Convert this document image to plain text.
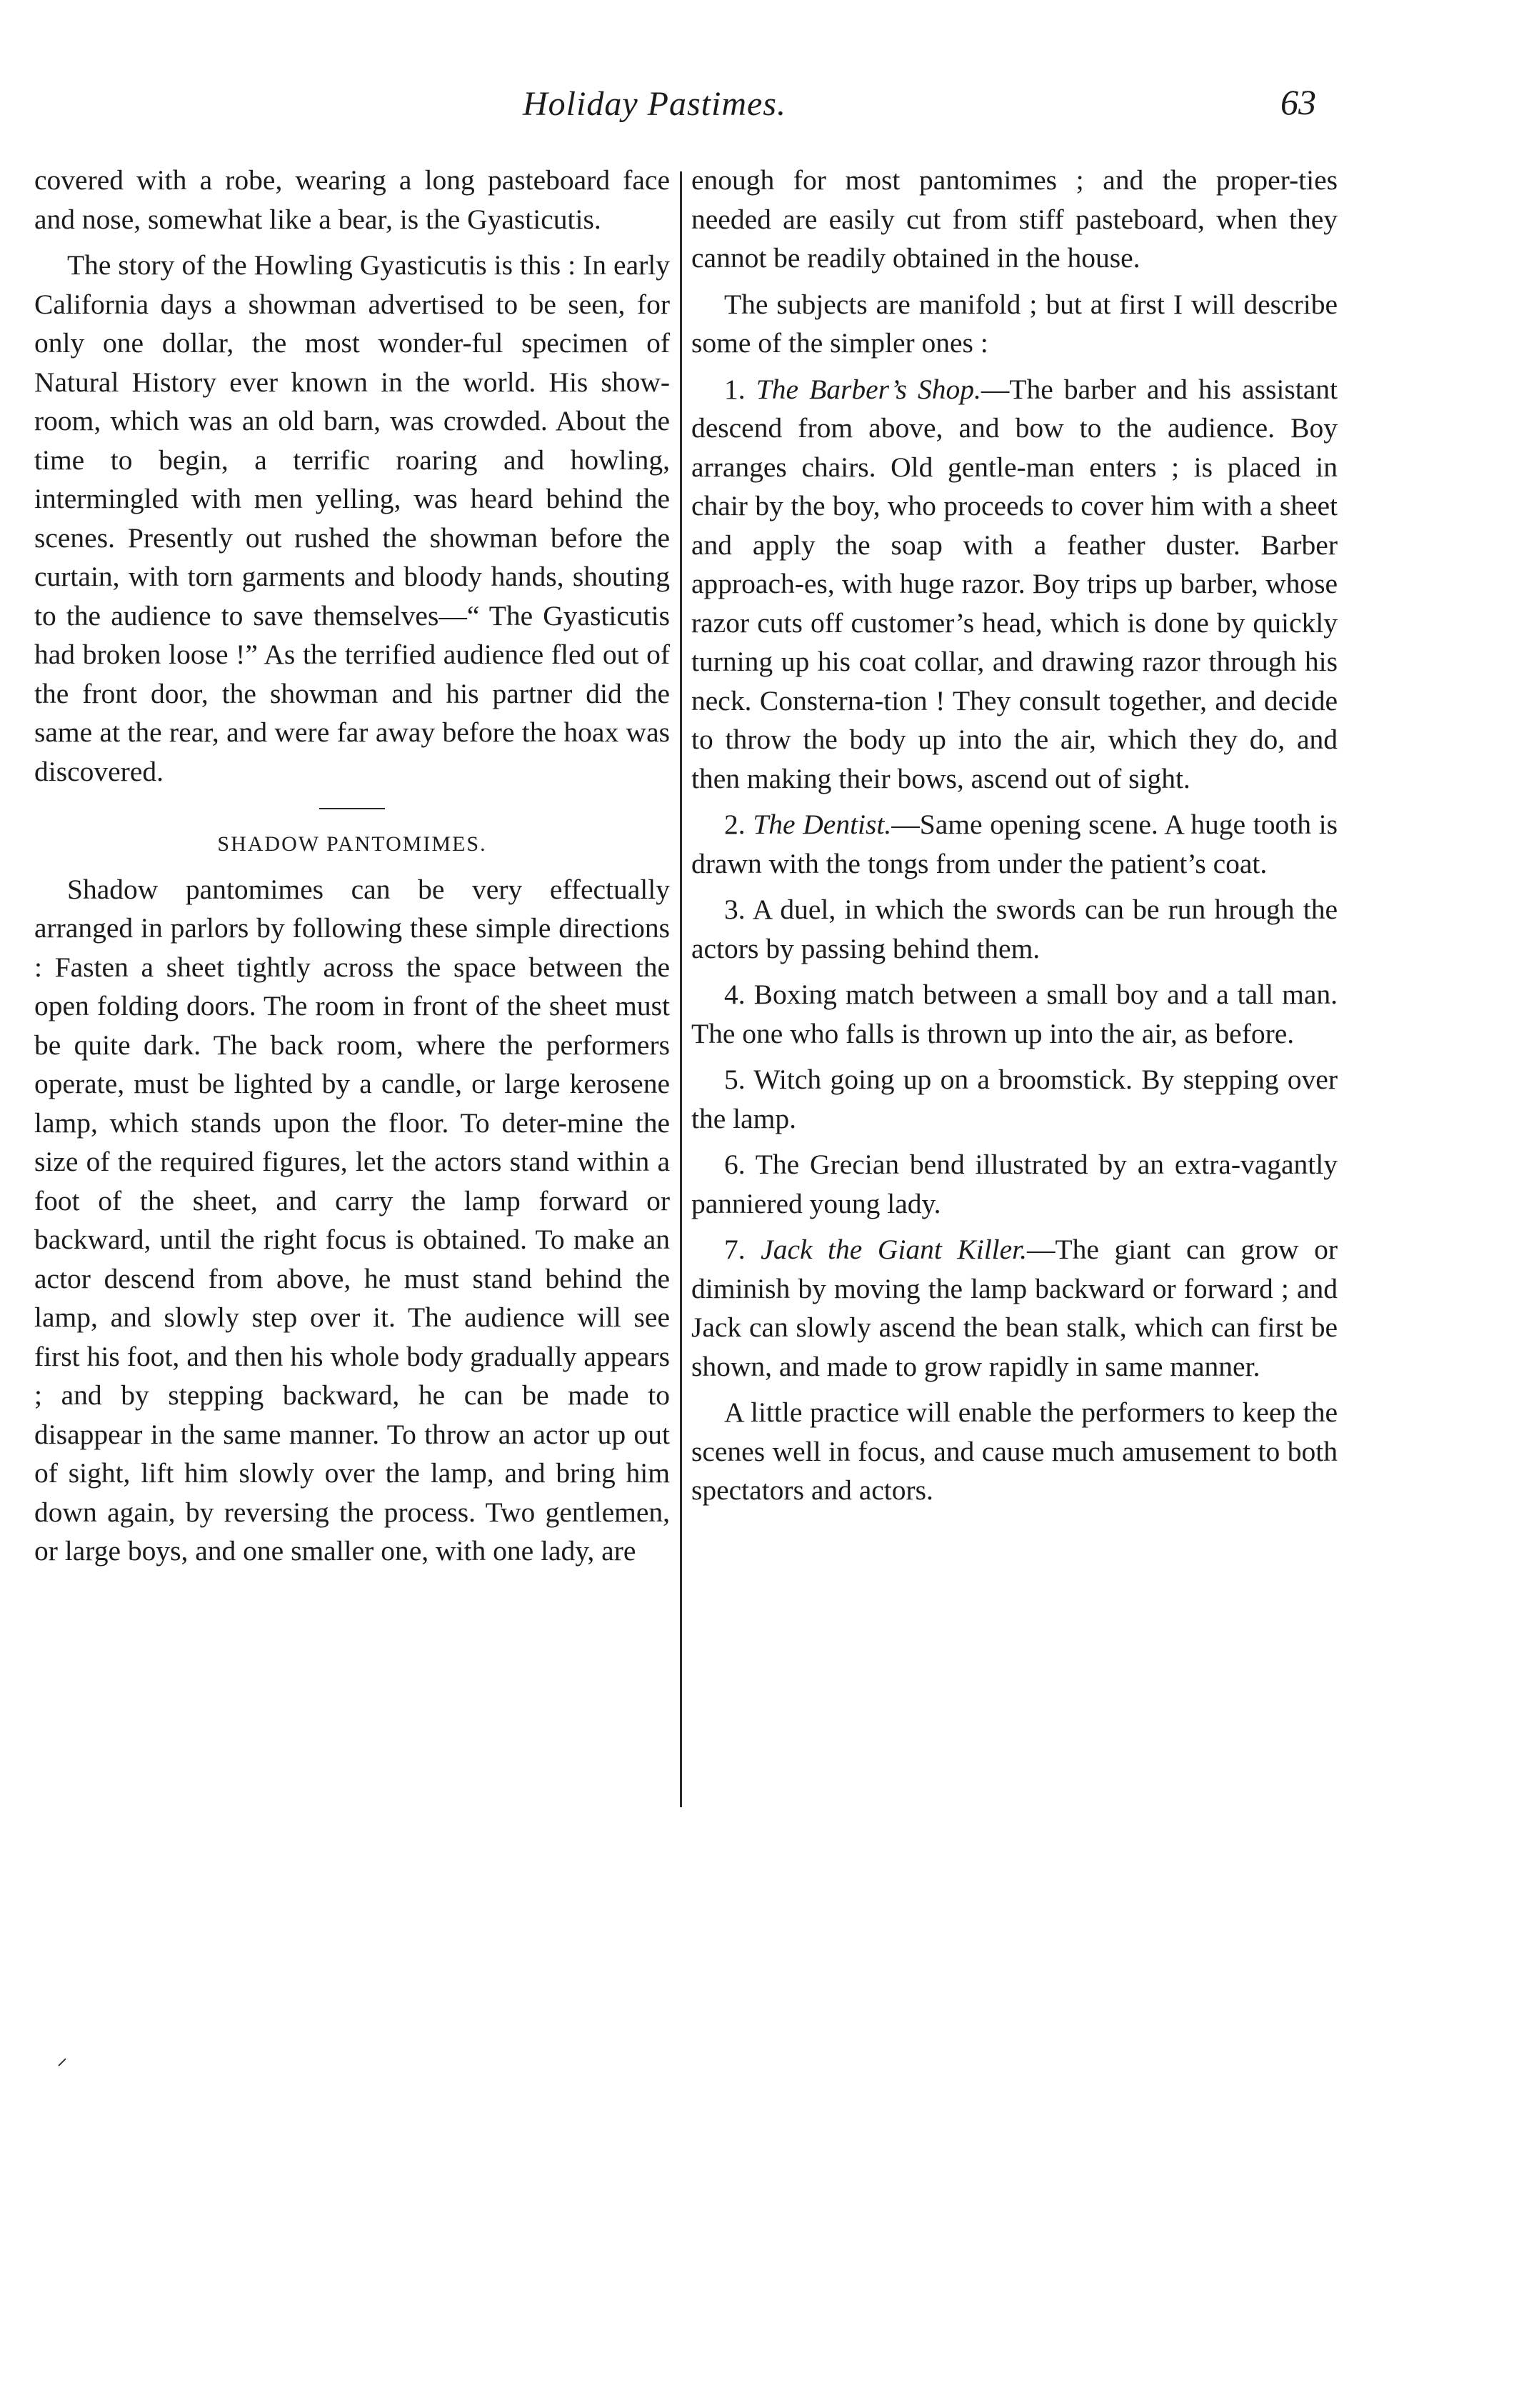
Holiday Pastimes.	63

covered with a robe, wearing a long pasteboard face and nose, somewhat like a bear, is the Gyasticutis.

The story of the Howling Gyasticutis is this : In early California days a showman advertised to be seen, for only one dollar, the most wonder-ful specimen of Natural History ever known in the world. His show-room, which was an old barn, was crowded. About the time to begin, a terrific roaring and howling, intermingled with men yelling, was heard behind the scenes. Presently out rushed the showman before the curtain, with torn garments and bloody hands, shouting to the audience to save themselves—“ The Gyasticutis had broken loose !” As the terrified audience fled out of the front door, the showman and his partner did the same at the rear, and were far away before the hoax was discovered.

SHADOW PANTOMIMES.

Shadow pantomimes can be very effectually arranged in parlors by following these simple directions : Fasten a sheet tightly across the space between the open folding doors. The room in front of the sheet must be quite dark. The back room, where the performers operate, must be lighted by a candle, or large kerosene lamp, which stands upon the floor. To deter-mine the size of the required figures, let the actors stand within a foot of the sheet, and carry the lamp forward or backward, until the right focus is obtained. To make an actor descend from above, he must stand behind the lamp, and slowly step over it. The audience will see first his foot, and then his whole body gradually appears ; and by stepping backward, he can be made to disappear in the same manner. To throw an actor up out of sight, lift him slowly over the lamp, and bring him down again, by reversing the process. Two gentlemen, or large boys, and one smaller one, with one lady, are

enough for most pantomimes ; and the proper-ties needed are easily cut from stiff pasteboard, when they cannot be readily obtained in the house.

The subjects are manifold ; but at first I will describe some of the simpler ones :

1. The Barber’s Shop.—The barber and his assistant descend from above, and bow to the audience. Boy arranges chairs. Old gentle-man enters ; is placed in chair by the boy, who proceeds to cover him with a sheet and apply the soap with a feather duster. Barber approach-es, with huge razor. Boy trips up barber, whose razor cuts off customer’s head, which is done by quickly turning up his coat collar, and drawing razor through his neck. Consterna-tion ! They consult together, and decide to throw the body up into the air, which they do, and then making their bows, ascend out of sight.

2. The Dentist.—Same opening scene. A huge tooth is drawn with the tongs from under the patient’s coat.

3. A duel, in which the swords can be run hrough the actors by passing behind them.

4. Boxing match between a small boy and a tall man. The one who falls is thrown up into the air, as before.

5. Witch going up on a broomstick. By stepping over the lamp.

6. The Grecian bend illustrated by an extra-vagantly panniered young lady.

7. Jack the Giant Killer.—The giant can grow or diminish by moving the lamp backward or forward ; and Jack can slowly ascend the bean stalk, which can first be shown, and made to grow rapidly in same manner.

A little practice will enable the performers to keep the scenes well in focus, and cause much amusement to both spectators and actors.
